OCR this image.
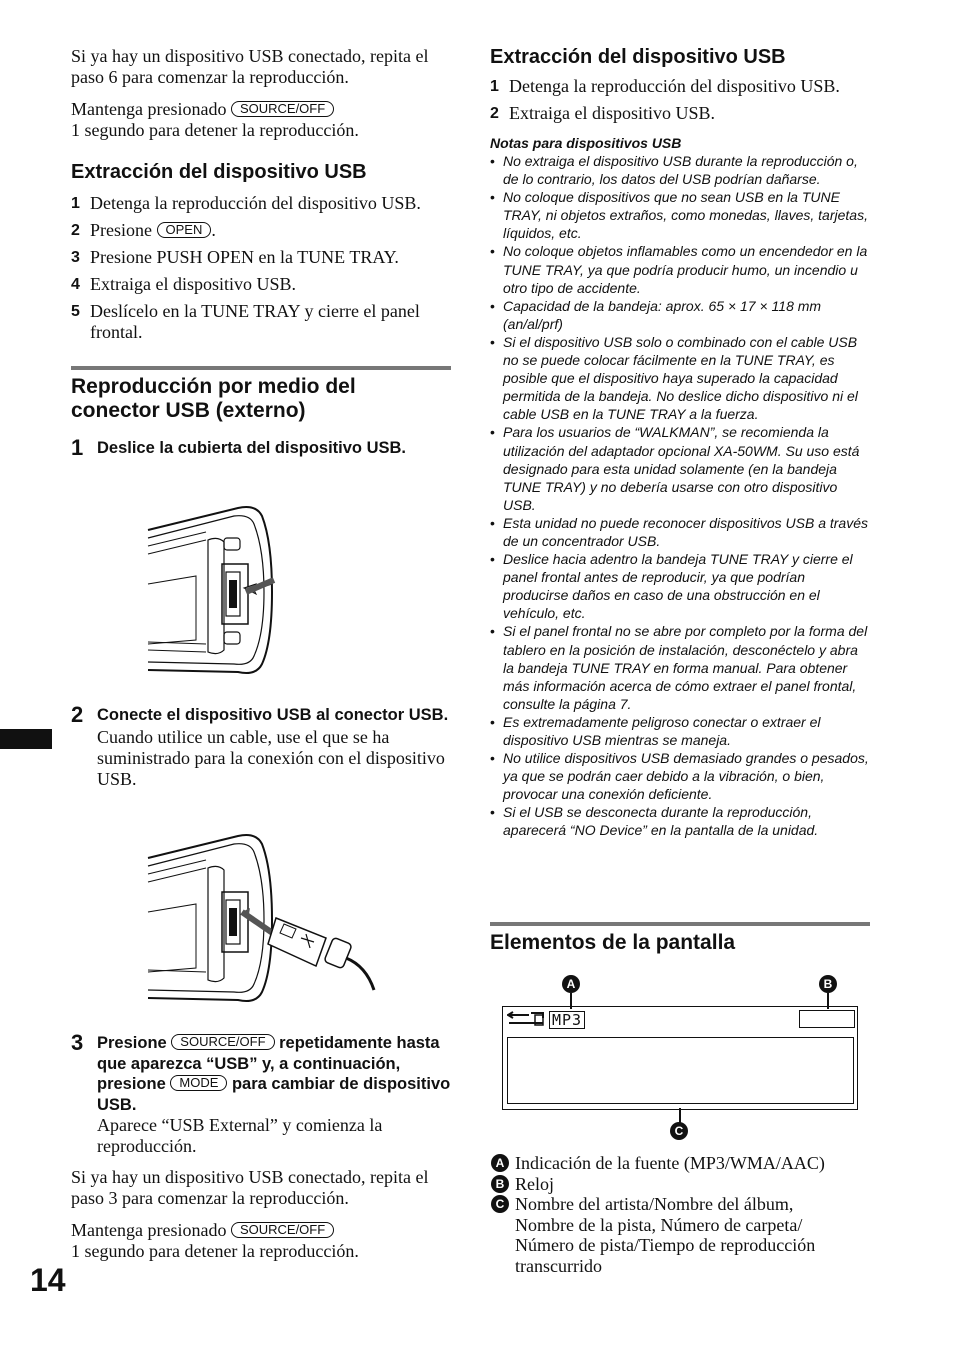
Si ya hay un dispositivo USB conectado, repita el paso 6 para comenzar la reproducción.

Mantenga presionado SOURCE/OFF
1 segundo para detener la reproducción.

Extracción del dispositivo USB
1 Detenga la reproducción del dispositivo USB.
2 Presione OPEN .
3 Presione PUSH OPEN en la TUNE TRAY.
4 Extraiga el dispositivo USB.
5 Deslícelo en la TUNE TRAY y cierre el panel frontal.
Reproducción por medio del conector USB (externo)
1 Deslice la cubierta del dispositivo USB.
2 Conecte el dispositivo USB al conector USB.
Cuando utilice un cable, use el que se ha suministrado para la conexión con el dispositivo USB.
3 Presione SOURCE/OFF repetidamente hasta que aparezca “USB” y, a continuación, presione MODE para cambiar de dispositivo USB.
Aparece “USB External” y comienza la reproducción.

Si ya hay un dispositivo USB conectado, repita el paso 3 para comenzar la reproducción.

Mantenga presionado SOURCE/OFF
1 segundo para detener la reproducción.

Extracción del dispositivo USB
1 Detenga la reproducción del dispositivo USB.
2 Extraiga el dispositivo USB.
Notas para dispositivos USB
• No extraiga el dispositivo USB durante la reproducción o, de lo contrario, los datos del USB podrían dañarse.
• No coloque dispositivos que no sean USB en la TUNE TRAY, ni objetos extraños, como monedas, llaves, tarjetas, líquidos, etc.
• No coloque objetos inflamables como un encendedor en la TUNE TRAY, ya que podría producir humo, un incendio u otro tipo de accidente.
• Capacidad de la bandeja: aprox. 65 × 17 × 118 mm (an/al/prf)
• Si el dispositivo USB solo o combinado con el cable USB no se puede colocar fácilmente en la TUNE TRAY, es posible que el dispositivo haya superado la capacidad permitida de la bandeja. No deslice dicho dispositivo ni el cable USB en la TUNE TRAY a la fuerza.
• Para los usuarios de “WALKMAN”, se recomienda la utilización del adaptador opcional XA-50WM. Su uso está designado para esta unidad solamente (en la bandeja TUNE TRAY) y no debería usarse con otro dispositivo USB.
• Esta unidad no puede reconocer dispositivos USB a través de un concentrador USB.
• Deslice hacia adentro la bandeja TUNE TRAY y cierre el panel frontal antes de reproducir, ya que podrían producirse daños en caso de una obstrucción en el vehículo, etc.
• Si el panel frontal no se abre por completo por la forma del tablero en la posición de instalación, desconéctelo y abra la bandeja TUNE TRAY en forma manual. Para obtener más información acerca de cómo extraer el panel frontal, consulte la página 7.
• Es extremadamente peligroso conectar o extraer el dispositivo USB mientras se maneja.
• No utilice dispositivos USB demasiado grandes o pesados, ya que se podrán caer debido a la vibración, o bien, provocar una conexión deficiente.
• Si el USB se desconecta durante la reproducción, aparecerá “NO Device” en la pantalla de la unidad.
Elementos de la pantalla
A	B
MP3
C
A Indicación de la fuente (MP3/WMA/AAC)
B Reloj
C Nombre del artista/Nombre del álbum, Nombre de la pista, Número de carpeta/ Número de pista/Tiempo de reproducción transcurrido
14
